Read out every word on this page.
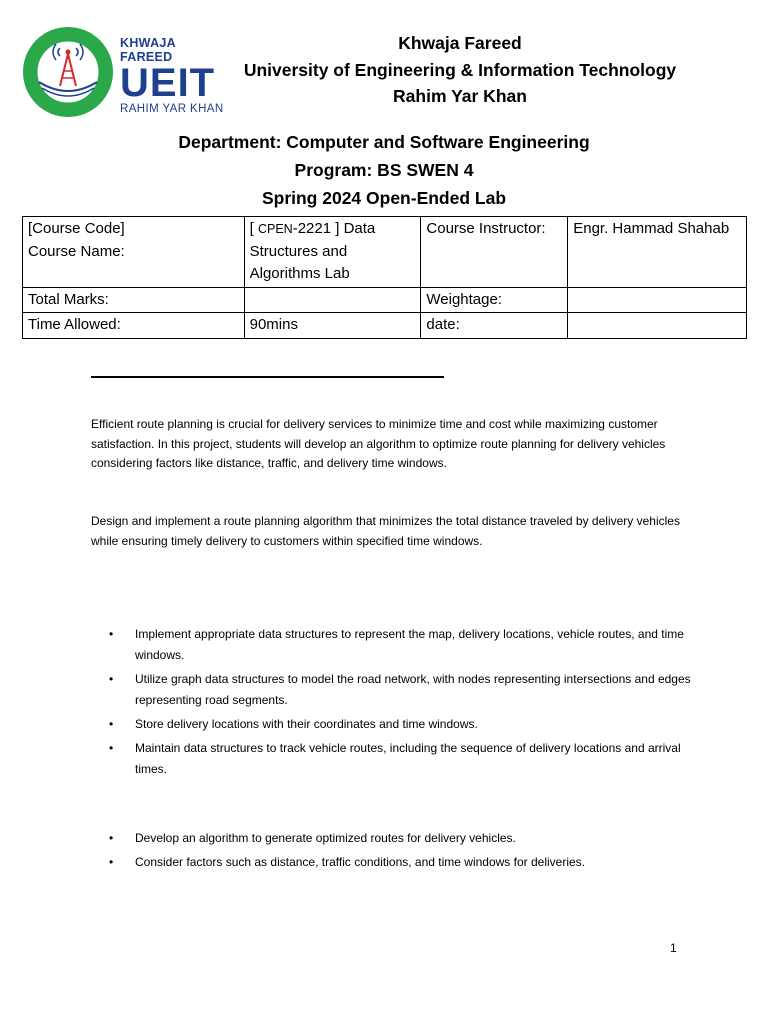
KHWAJA FAREED
UEIT
RAHIM YAR KHAN
Khwaja Fareed
University of Engineering & Information Technology
Rahim Yar Khan
Department: Computer and Software Engineering
Program: BS SWEN 4
Spring 2024 Open-Ended Lab
[Course Code]
Course Name:	[ CPEN-2221 ] Data Structures and Algorithms Lab	Course Instructor:	Engr. Hammad Shahab
Total Marks:		Weightage:	
Time Allowed:	90mins	date:	
Efficient route planning is crucial for delivery services to minimize time and cost while maximizing customer satisfaction. In this project, students will develop an algorithm to optimize route planning for delivery vehicles considering factors like distance, traffic, and delivery time windows.
Design and implement a route planning algorithm that minimizes the total distance traveled by delivery vehicles while ensuring timely delivery to customers within specified time windows.
• Implement appropriate data structures to represent the map, delivery locations, vehicle routes, and time windows.
• Utilize graph data structures to model the road network, with nodes representing intersections and edges representing road segments.
• Store delivery locations with their coordinates and time windows.
• Maintain data structures to track vehicle routes, including the sequence of delivery locations and arrival times.
• Develop an algorithm to generate optimized routes for delivery vehicles.
• Consider factors such as distance, traffic conditions, and time windows for deliveries.
1
